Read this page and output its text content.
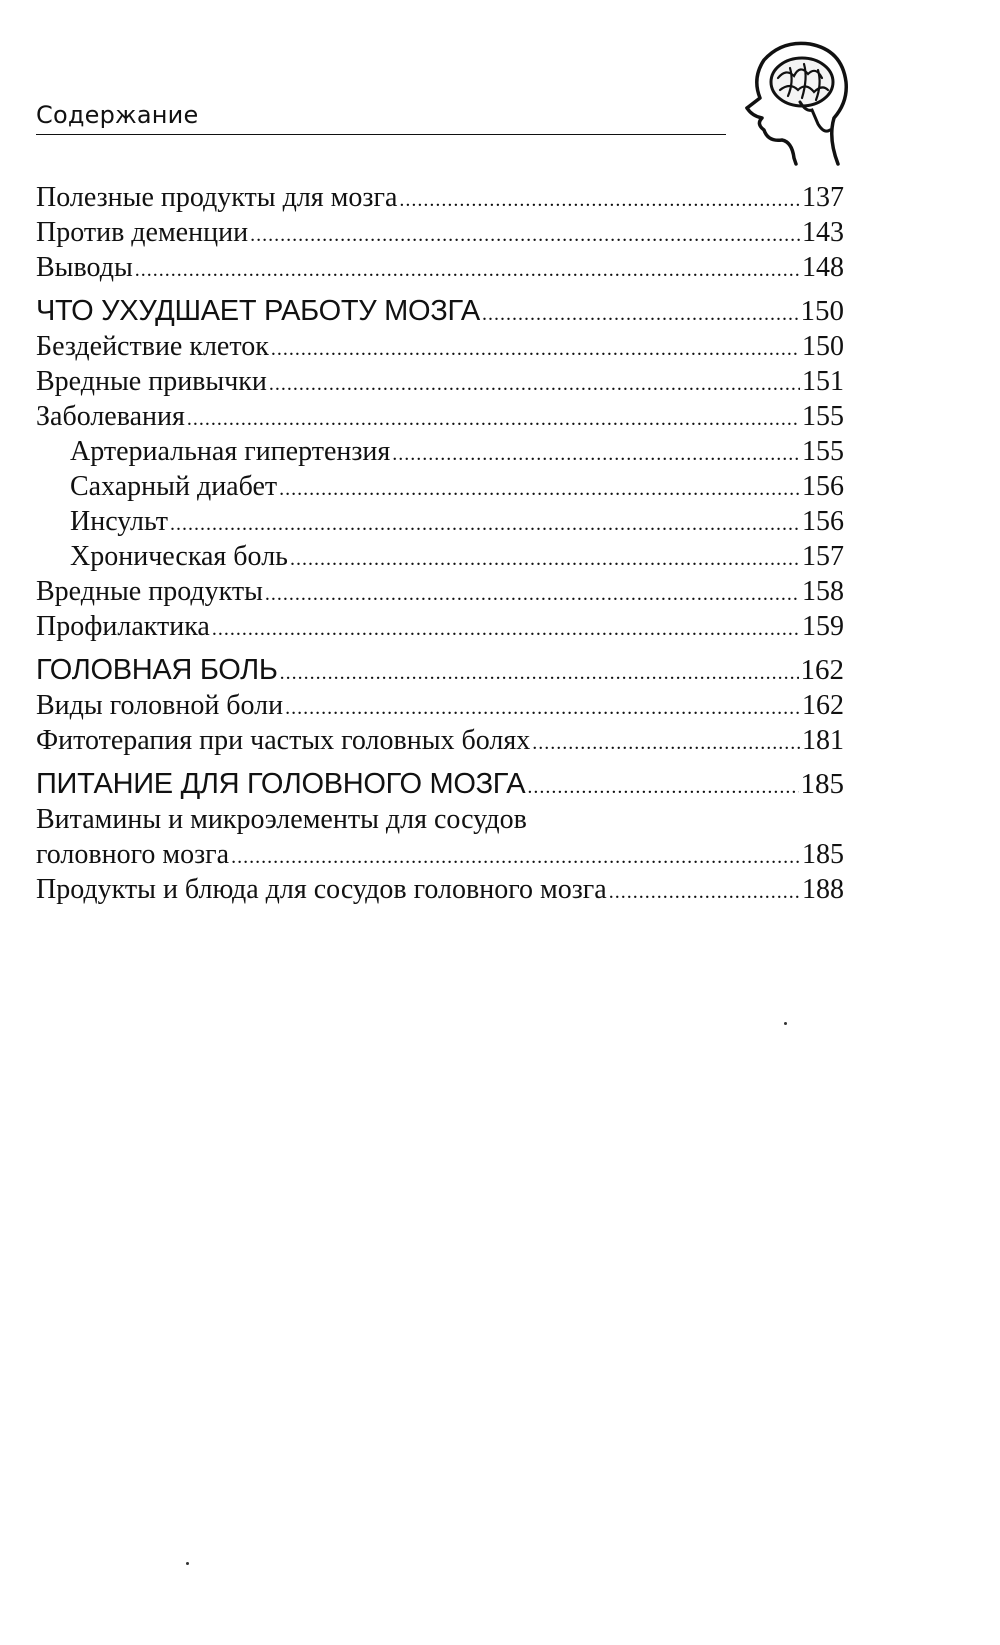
Содержание
Полезные продукты для мозга .....	137
Против деменции .....	143
Выводы .....	148
ЧТО УХУДШАЕТ РАБОТУ МОЗГА .....	150
Бездействие клеток .....	150
Вредные привычки .....	151
Заболевания .....	155
Артериальная гипертензия .....	155
Сахарный диабет .....	156
Инсульт .....	156
Хроническая боль .....	157
Вредные продукты .....	158
Профилактика .....	159
ГОЛОВНАЯ БОЛЬ .....	162
Виды головной боли .....	162
Фитотерапия при частых головных болях .....	181
ПИТАНИЕ ДЛЯ ГОЛОВНОГО МОЗГА .....	185
Витамины и микроэлементы для сосудов
головного мозга .....	185
Продукты и блюда для сосудов головного мозга .....	188
